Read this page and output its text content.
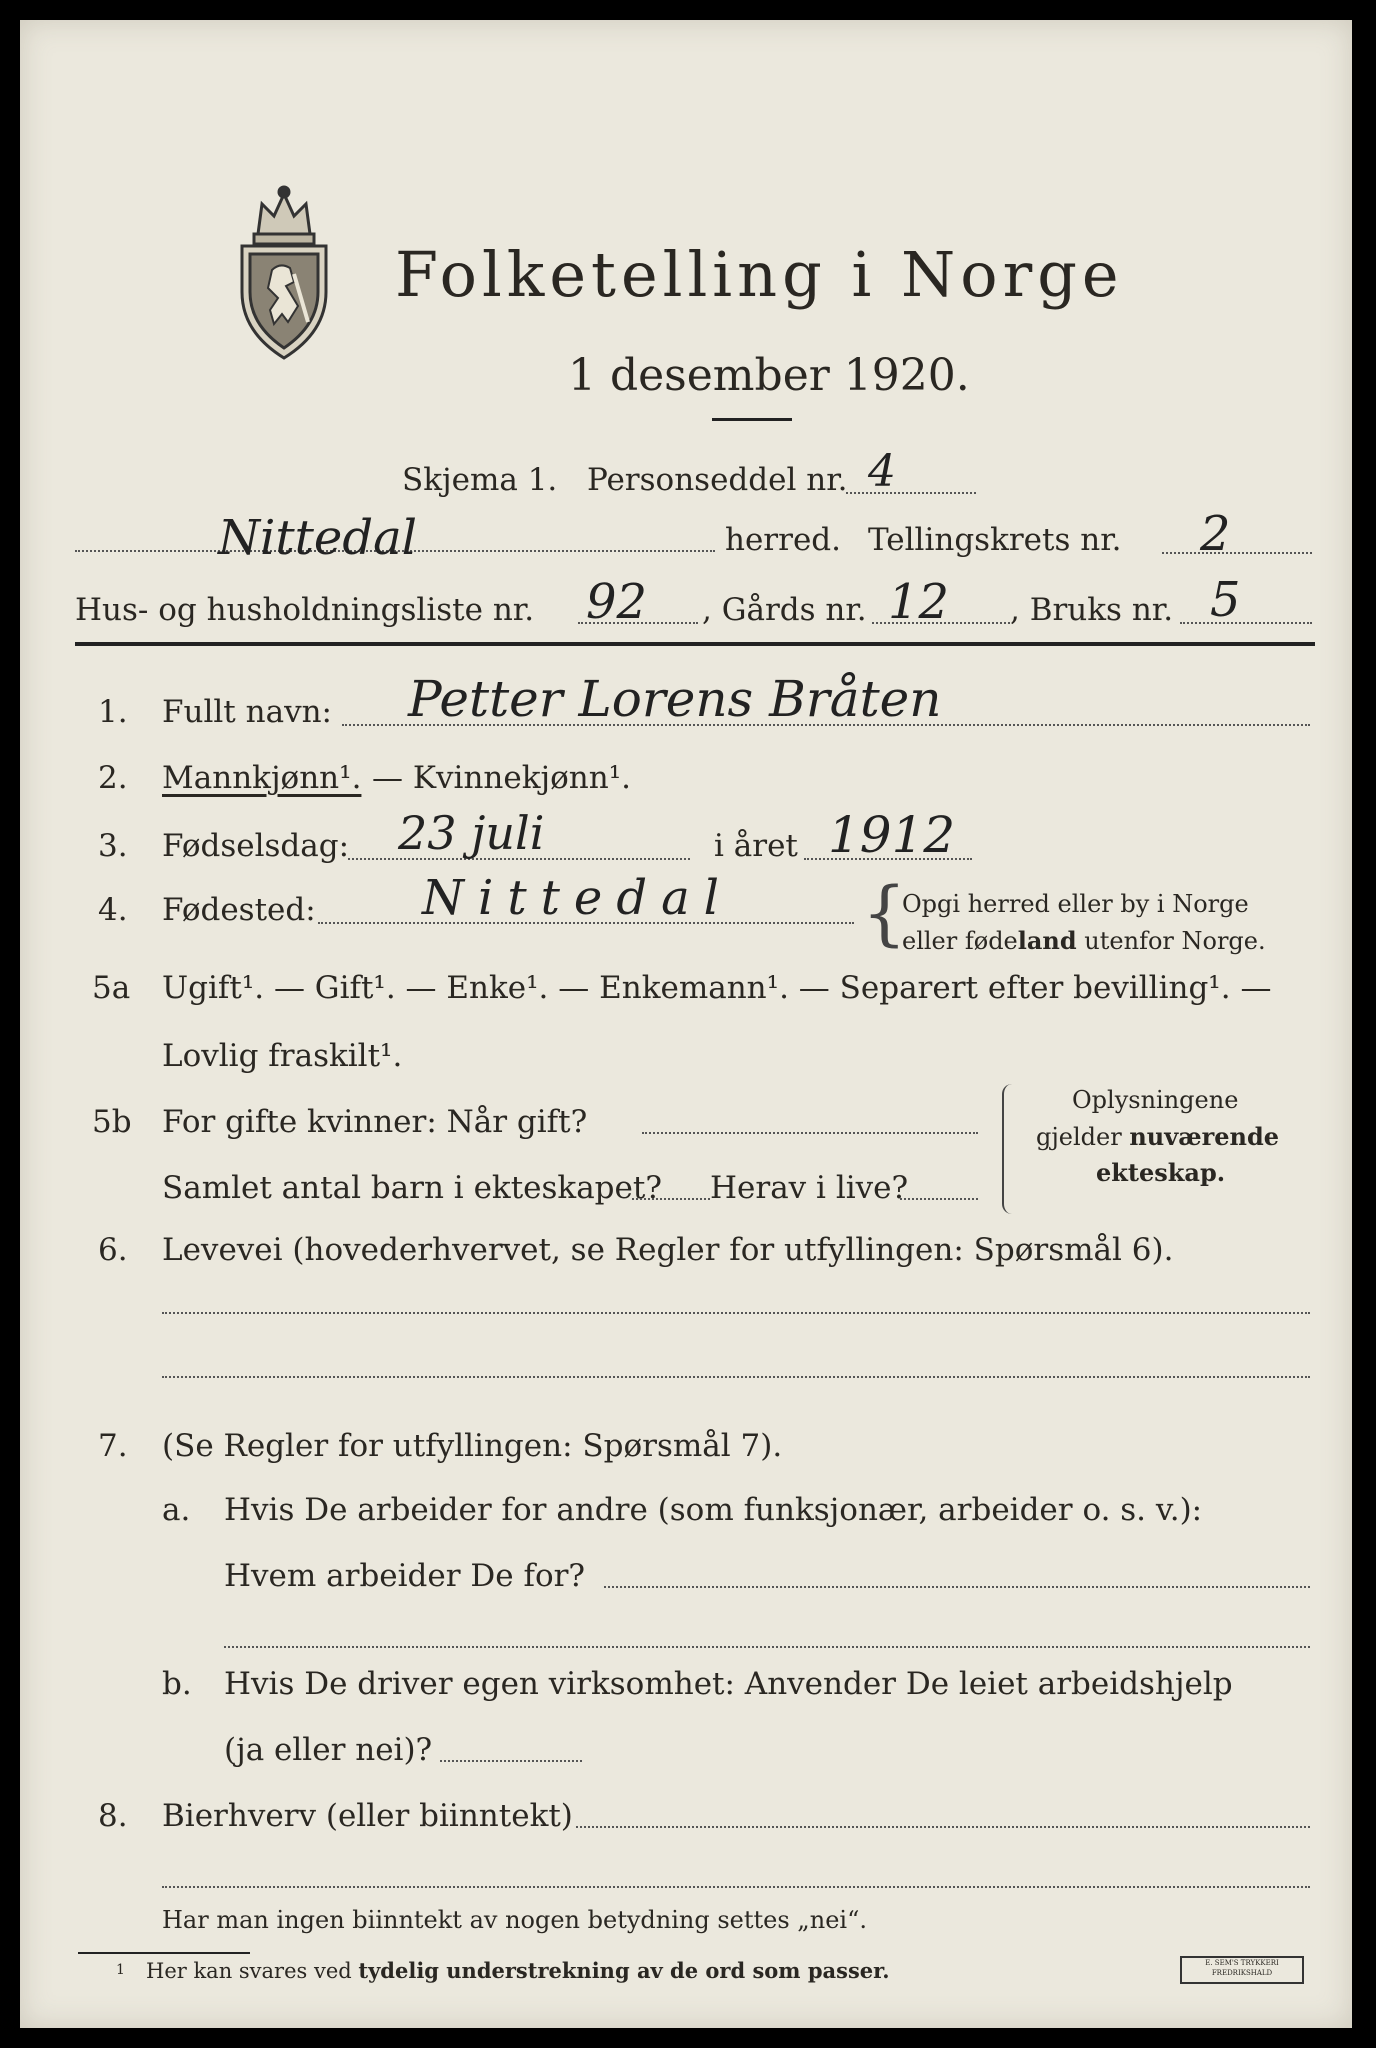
Folketelling i Norge
1 desember 1920.
Skjema 1. Personseddel nr. 4
Nittedal	herred. Tellingskrets nr. 2
Hus- og husholdningsliste nr. 92 , Gårds nr. 12 , Bruks nr. 5
1. Fullt navn: Petter Lorens Bråten
2. Mannkjønn¹. — Kvinnekjønn¹.
3. Fødselsdag: 23 juli	i året 1912
4. Fødested: Nittedal {
Opgi herred eller by i Norge
eller fødeland utenfor Norge.
5a Ugift¹. — Gift¹. — Enke¹. — Enkemann¹. — Separert efter bevilling¹. —
Lovlig fraskilt¹.
5b For gifte kvinner: Når gift?
Samlet antal barn i ekteskapet? Herav i live?
Oplysningene
gjelder nuværende
ekteskap.
6. Levevei (hovederhvervet, se Regler for utfyllingen: Spørsmål 6).
7. (Se Regler for utfyllingen: Spørsmål 7).
a. Hvis De arbeider for andre (som funksjonær, arbeider o. s. v.):
Hvem arbeider De for?
b. Hvis De driver egen virksomhet: Anvender De leiet arbeidshjelp
(ja eller nei)?
8. Bierhverv (eller biinntekt)
Har man ingen biinntekt av nogen betydning settes „nei“.
1 Her kan svares ved tydelig understrekning av de ord som passer.	E. SEM'S TRYKKERI
FREDRIKSHALD
